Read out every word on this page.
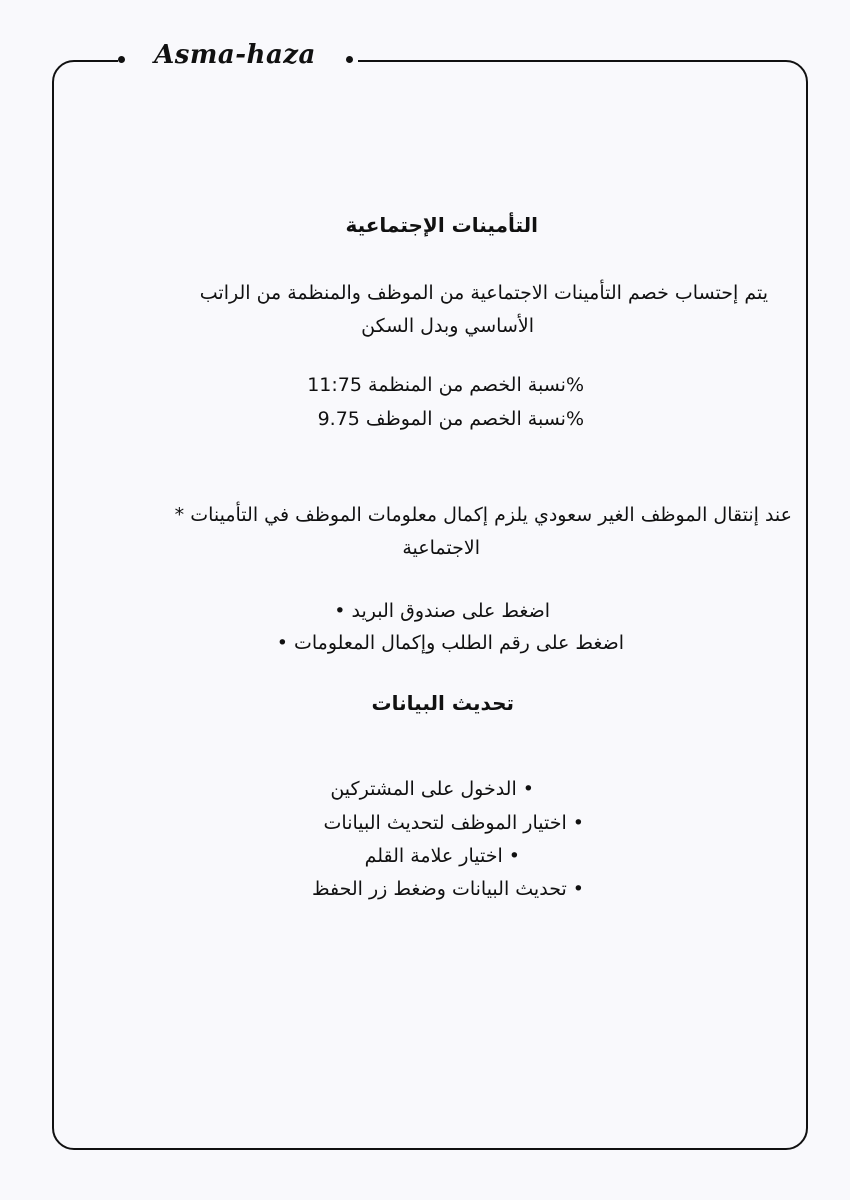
Asma-haza
التأمينات الإجتماعية
يتم إحتساب خصم التأمينات الاجتماعية من الموظف والمنظمة من الراتب
الأساسي وبدل السكن
%نسبة الخصم من المنظمة 11:75
%نسبة الخصم من الموظف 9.75
عند إنتقال الموظف الغير سعودي يلزم إكمال معلومات الموظف في التأمينات *
الاجتماعية
اضغط على صندوق البريد •
اضغط على رقم الطلب وإكمال المعلومات •
تحديث البيانات
• الدخول على المشتركين
• اختيار الموظف لتحديث البيانات
• اختيار علامة القلم
• تحديث البيانات وضغط زر الحفظ
